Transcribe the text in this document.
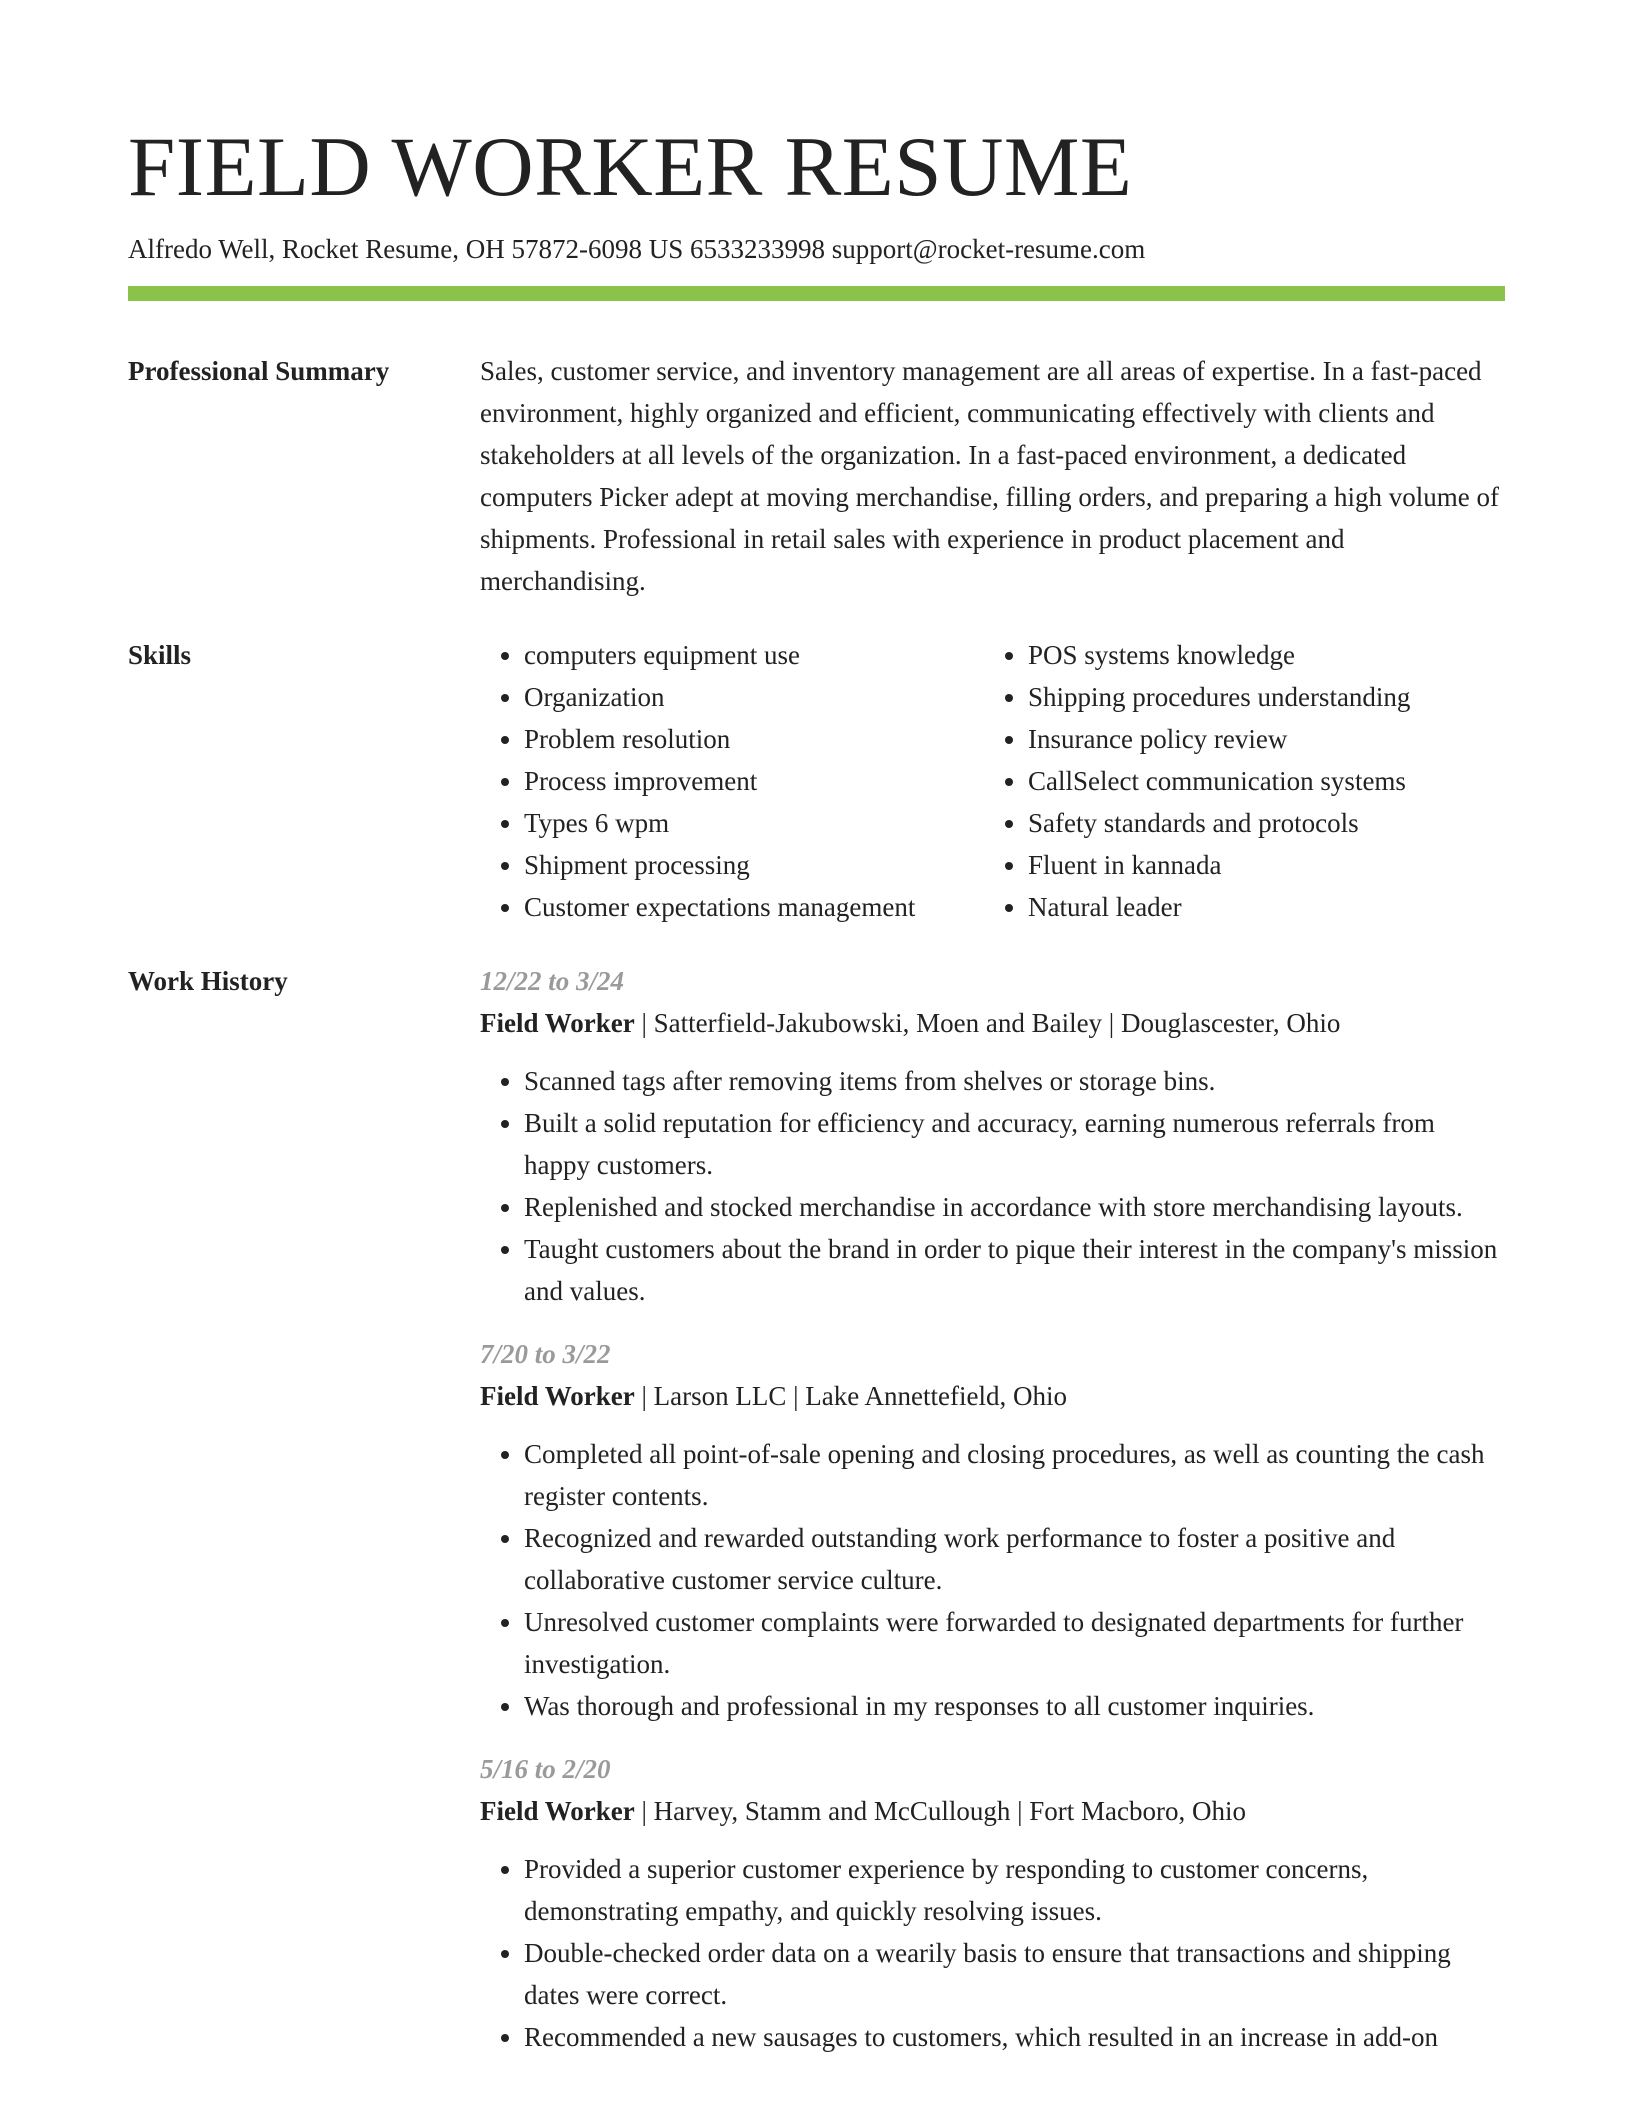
FIELD WORKER RESUME
Alfredo Well, Rocket Resume, OH 57872-6098 US 6533233998 support@rocket-resume.com
Professional Summary	Sales, customer service, and inventory management are all areas of expertise. In a fast-paced environment, highly organized and efficient, communicating effectively with clients and stakeholders at all levels of the organization. In a fast-paced environment, a dedicated computers Picker adept at moving merchandise, filling orders, and preparing a high volume of shipments. Professional in retail sales with experience in product placement and merchandising.

Skills
•	computers equipment use
• Organization
• Problem resolution
• Process improvement
• Types 6 wpm
• Shipment processing
• Customer expectations management
• POS systems knowledge
• Shipping procedures understanding
• Insurance policy review
• CallSelect communication systems
• Safety standards and protocols
• Fluent in kannada
• Natural leader
Work History	12/22 to 3/24
Field Worker | Satterfield-Jakubowski, Moen and Bailey | Douglascester, Ohio
• Scanned tags after removing items from shelves or storage bins.
• Built a solid reputation for efficiency and accuracy, earning numerous referrals from happy customers.
• Replenished and stocked merchandise in accordance with store merchandising layouts.
• Taught customers about the brand in order to pique their interest in the company's mission and values.
7/20 to 3/22
Field Worker | Larson LLC | Lake Annettefield, Ohio
• Completed all point-of-sale opening and closing procedures, as well as counting the cash register contents.
• Recognized and rewarded outstanding work performance to foster a positive and collaborative customer service culture.
• Unresolved customer complaints were forwarded to designated departments for further investigation.
• Was thorough and professional in my responses to all customer inquiries.
5/16 to 2/20
Field Worker | Harvey, Stamm and McCullough | Fort Macboro, Ohio
• Provided a superior customer experience by responding to customer concerns, demonstrating empathy, and quickly resolving issues.
• Double-checked order data on a wearily basis to ensure that transactions and shipping dates were correct.
• Recommended a new sausages to customers, which resulted in an increase in add-on
